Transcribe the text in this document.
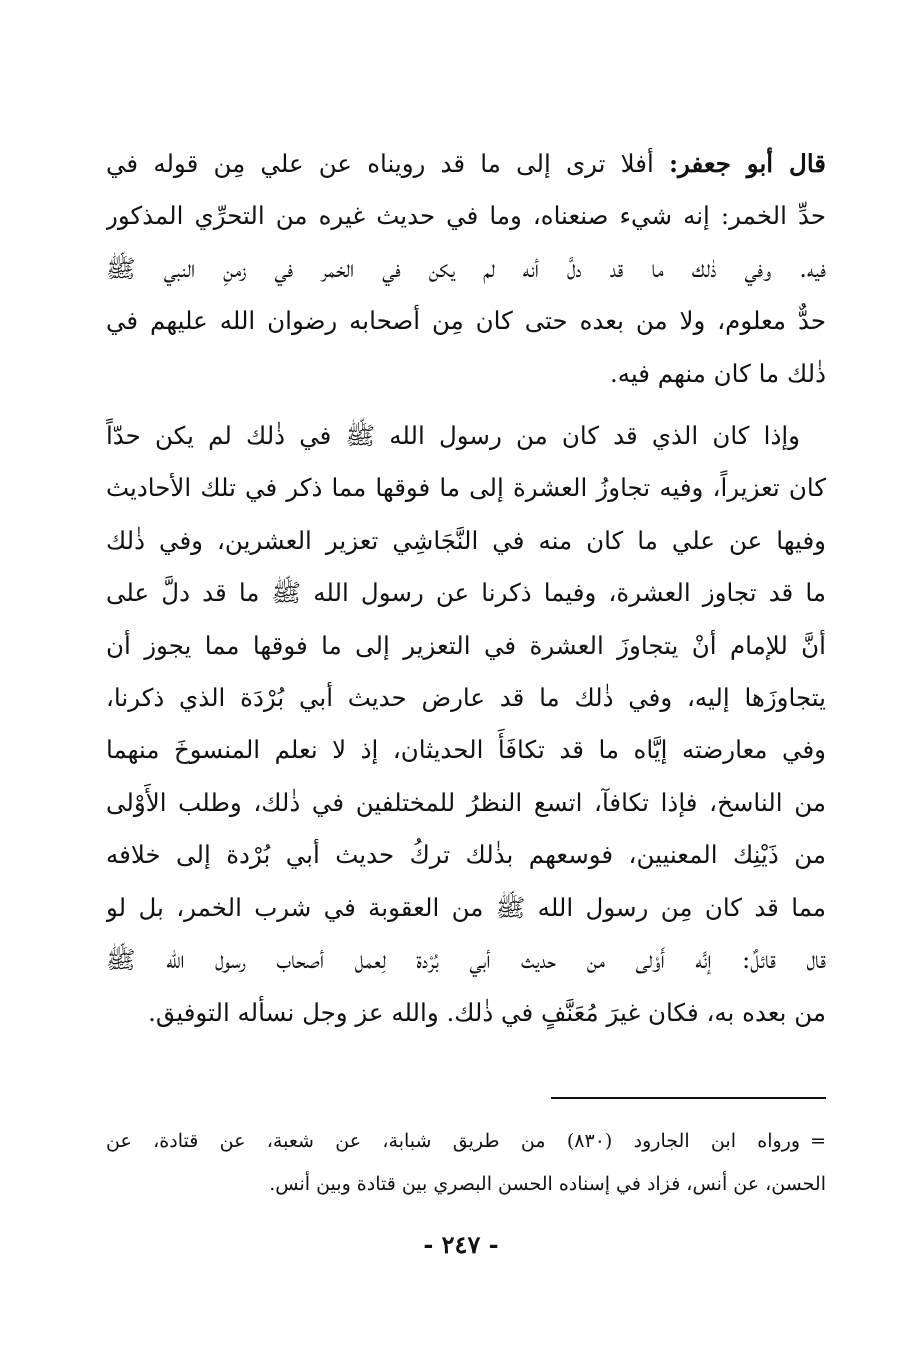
قال أبو جعفر: أفلا ترى إلى ما قد رويناه عن علي مِن قوله في
حدِّ الخمر: إنه شيء صنعناه، وما في حديث غيره من التحرِّي المذكور
فيه. وفي ذٰلك ما قد دلَّ أنه لم يكن في الخمر في زمنِ النبي ﷺ
حدٌّ معلوم، ولا من بعده حتى كان مِن أصحابه رضوان الله عليهم في
ذٰلك ما كان منهم فيه.

وإذا كان الذي قد كان من رسول الله ﷺ في ذٰلك لم يكن حدّاً
كان تعزيراً، وفيه تجاوزُ العشرة إلى ما فوقها مما ذكر في تلك الأحاديث
وفيها عن علي ما كان منه في النَّجَاشِي تعزير العشرين، وفي ذٰلك
ما قد تجاوز العشرة، وفيما ذكرنا عن رسول الله ﷺ ما قد دلَّ على
أنَّ للإمام أنْ يتجاوزَ العشرة في التعزير إلى ما فوقها مما يجوز أن
يتجاوزَها إليه، وفي ذٰلك ما قد عارض حديث أبي بُرْدَة الذي ذكرنا،
وفي معارضته إيَّاه ما قد تكافَأَ الحديثان، إذ لا نعلم المنسوخَ منهما
من الناسخ، فإذا تكافآ، اتسع النظرُ للمختلفين في ذٰلك، وطلب الأَوْلى
من ذَيْنِك المعنيين، فوسعهم بذٰلك تركُ حديث أبي بُرْدة إلى خلافه
مما قد كان مِن رسول الله ﷺ من العقوبة في شرب الخمر، بل لو
قال قائلٌ: إنَّه أَوْلى من حديث أبي بُرْدة لِعمل أصحاب رسول الله ﷺ
من بعده به، فكان غيرَ مُعَنَّفٍ في ذٰلك. والله عز وجل نسأله التوفيق.

=ورواه ابن الجارود (٨٣٠) من طريق شبابة، عن شعبة، عن قتادة، عن
الحسن، عن أنس، فزاد في إسناده الحسن البصري بين قتادة وبين أنس.
- ٢٤٧ -
